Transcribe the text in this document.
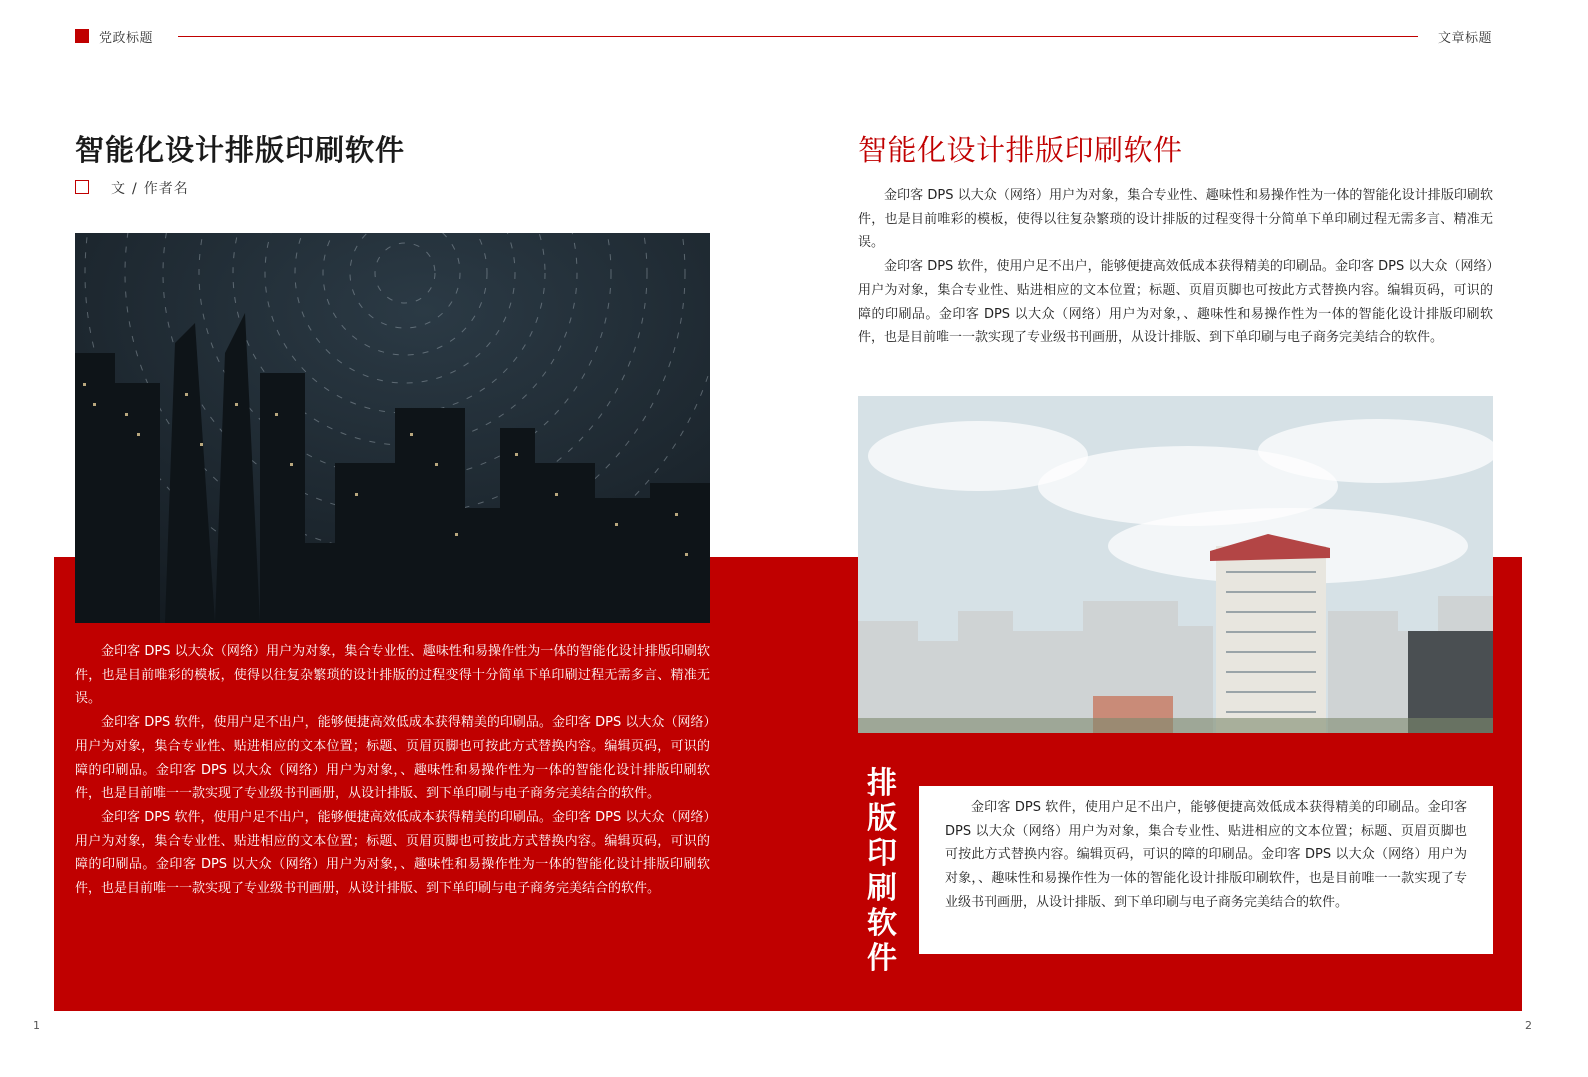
党政标题	文章标题
智能化设计排版印刷软件
文 / 作者名

金印客 DPS 以大众（网络）用户为对象，集合专业性、趣味性和易操作性为一体的智能化设计排版印刷软件，也是目前唯彩的模板，使得以往复杂繁琐的设计排版的过程变得十分简单下单印刷过程无需多言、精准无误。

金印客 DPS 软件，使用户足不出户，能够便捷高效低成本获得精美的印刷品。金印客 DPS 以大众（网络）用户为对象，集合专业性、贴进相应的文本位置；标题、页眉页脚也可按此方式替换内容。编辑页码，可识的障的印刷品。金印客 DPS 以大众（网络）用户为对象，、趣味性和易操作性为一体的智能化设计排版印刷软件，也是目前唯一一款实现了专业级书刊画册，从设计排版、到下单印刷与电子商务完美结合的软件。

金印客 DPS 软件，使用户足不出户，能够便捷高效低成本获得精美的印刷品。金印客 DPS 以大众（网络）用户为对象，集合专业性、贴进相应的文本位置；标题、页眉页脚也可按此方式替换内容。编辑页码，可识的障的印刷品。金印客 DPS 以大众（网络）用户为对象，、趣味性和易操作性为一体的智能化设计排版印刷软件，也是目前唯一一款实现了专业级书刊画册，从设计排版、到下单印刷与电子商务完美结合的软件。

智能化设计排版印刷软件

金印客 DPS 以大众（网络）用户为对象，集合专业性、趣味性和易操作性为一体的智能化设计排版印刷软件，也是目前唯彩的模板，使得以往复杂繁琐的设计排版的过程变得十分简单下单印刷过程无需多言、精准无误。

金印客 DPS 软件，使用户足不出户，能够便捷高效低成本获得精美的印刷品。金印客 DPS 以大众（网络）用户为对象，集合专业性、贴进相应的文本位置；标题、页眉页脚也可按此方式替换内容。编辑页码，可识的障的印刷品。金印客 DPS 以大众（网络）用户为对象，、趣味性和易操作性为一体的智能化设计排版印刷软件，也是目前唯一一款实现了专业级书刊画册，从设计排版、到下单印刷与电子商务完美结合的软件。

排
版
印
刷
软
件

金印客 DPS 软件，使用户足不出户，能够便捷高效低成本获得精美的印刷品。金印客 DPS 以大众（网络）用户为对象，集合专业性、贴进相应的文本位置；标题、页眉页脚也可按此方式替换内容。编辑页码，可识的障的印刷品。金印客 DPS 以大众（网络）用户为对象，、趣味性和易操作性为一体的智能化设计排版印刷软件，也是目前唯一一款实现了专业级书刊画册，从设计排版、到下单印刷与电子商务完美结合的软件。

1	2
